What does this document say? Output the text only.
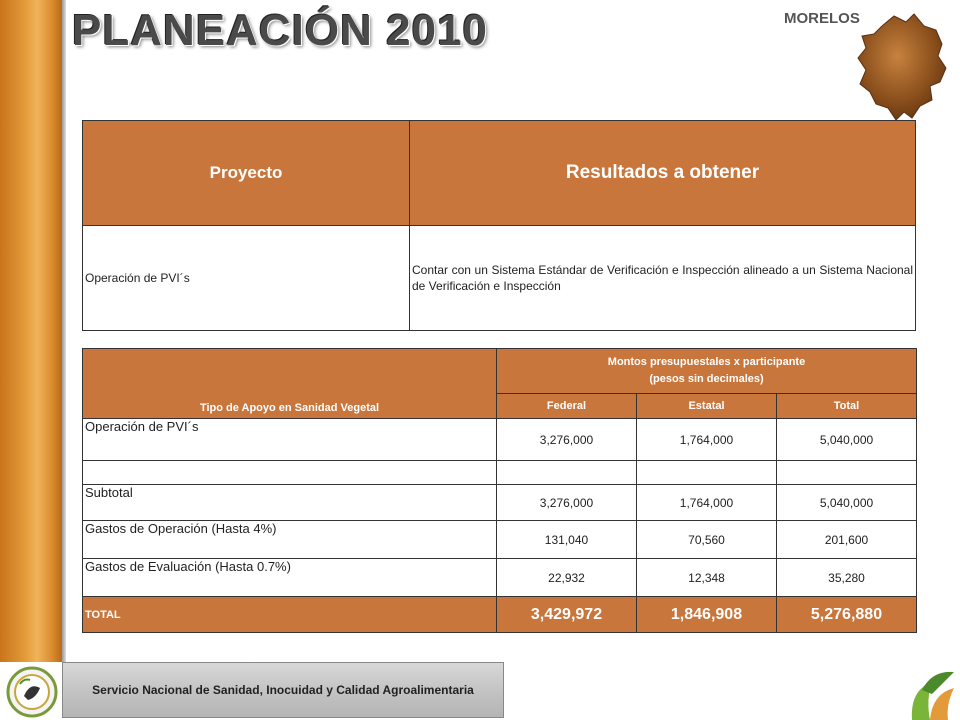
PLANEACIÓN 2010	MORELOS
Proyecto	Resultados a obtener
Operación de PVI´s	Contar con un Sistema Estándar de Verificación e Inspección alineado a un Sistema Nacional de Verificación e Inspección
Tipo de Apoyo en Sanidad Vegetal	Montos presupuestales x participante
(pesos sin decimales)		

	Federal	Estatal	Total
Operación de PVI´s	3,276,000	1,764,000	5,040,000

Subtotal	3,276,000	1,764,000	5,040,000
Gastos de Operación (Hasta 4%)	131,040	70,560	201,600
Gastos de Evaluación (Hasta 0.7%)	22,932	12,348	35,280
TOTAL	3,429,972	1,846,908	5,276,880
Servicio Nacional de Sanidad, Inocuidad y Calidad Agroalimentaria
